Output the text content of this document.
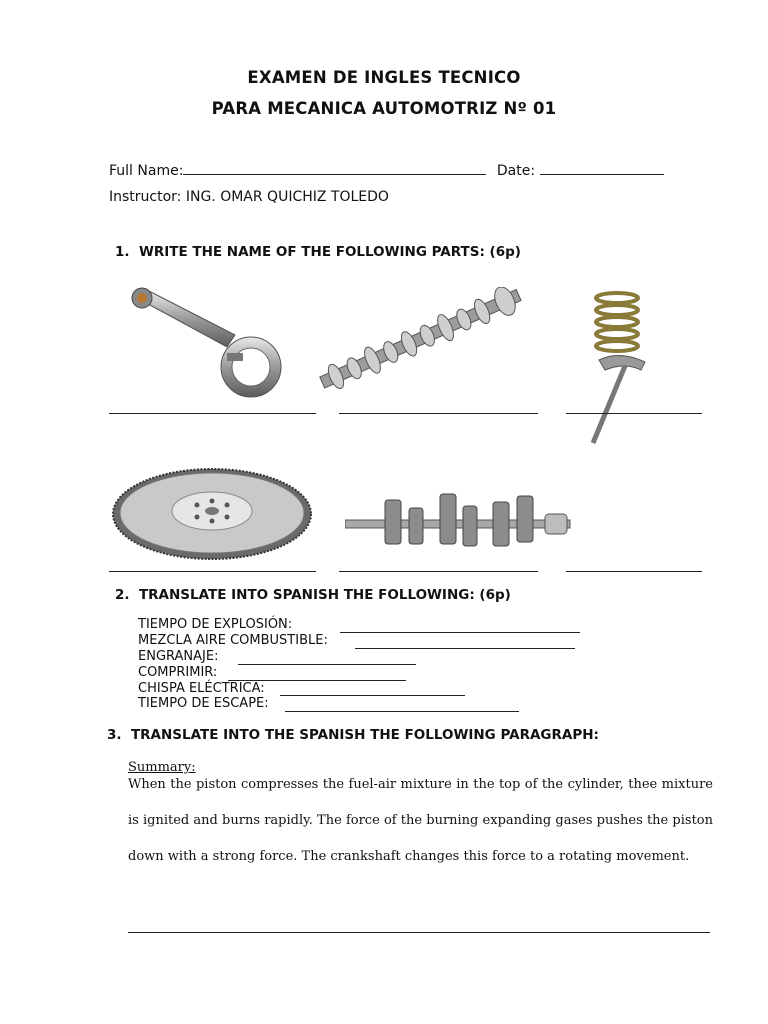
EXAMEN DE INGLES TECNICO
PARA MECANICA AUTOMOTRIZ Nº 01
Full Name:	Date:
Instructor: ING. OMAR QUICHIZ TOLEDO
1. WRITE THE NAME OF THE FOLLOWING PARTS: (6p)
2. TRANSLATE INTO SPANISH THE FOLLOWING: (6p)
TIEMPO DE EXPLOSIÓN:
MEZCLA AIRE COMBUSTIBLE:
ENGRANAJE:
COMPRIMIR:
CHISPA ELÉCTRICA:
TIEMPO DE ESCAPE:
3. TRANSLATE INTO THE SPANISH THE FOLLOWING PARAGRAPH:
Summary:

When the piston compresses the fuel-air mixture in the top of the cylinder, thee mixture is ignited and burns rapidly. The force of the burning expanding gases pushes the piston down with a strong force. The crankshaft changes this force to a rotating movement.
